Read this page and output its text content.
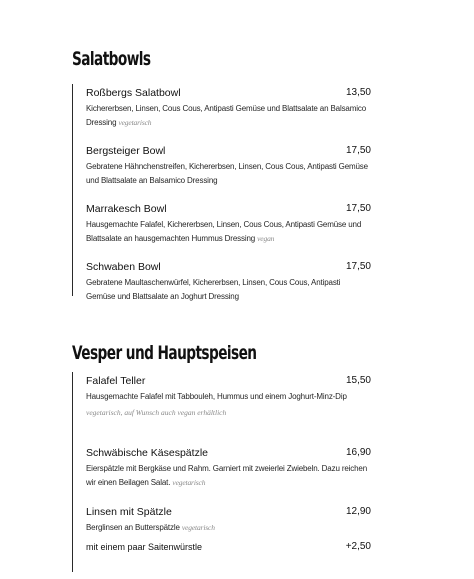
Salatbowls
Roßbergs Salatbowl	13,50
Kichererbsen, Linsen, Cous Cous, Antipasti Gemüse und Blattsalate an Balsamico Dressing vegetarisch
Bergsteiger Bowl	17,50
Gebratene Hähnchenstreifen, Kichererbsen, Linsen, Cous Cous, Antipasti Gemüse und Blattsalate an Balsamico Dressing
Marrakesch Bowl	17,50
Hausgemachte Falafel, Kichererbsen, Linsen, Cous Cous, Antipasti Gemüse und Blattsalate an hausgemachten Hummus Dressing vegan
Schwaben Bowl	17,50
Gebratene Maultaschenwürfel, Kichererbsen, Linsen, Cous Cous, Antipasti Gemüse und Blattsalate an Joghurt Dressing
Vesper und Hauptspeisen
Falafel Teller	15,50
Hausgemachte Falafel mit Tabbouleh, Hummus und einem Joghurt-Minz-Dip
vegetarisch, auf Wunsch auch vegan erhältlich
Schwäbische Käsespätzle	16,90
Eierspätzle mit Bergkäse und Rahm. Garniert mit zweierlei Zwiebeln. Dazu reichen wir einen Beilagen Salat. vegetarisch
Linsen mit Spätzle	12,90
Berglinsen an Butterspätzle vegetarisch
mit einem paar Saitenwürstle	+2,50
